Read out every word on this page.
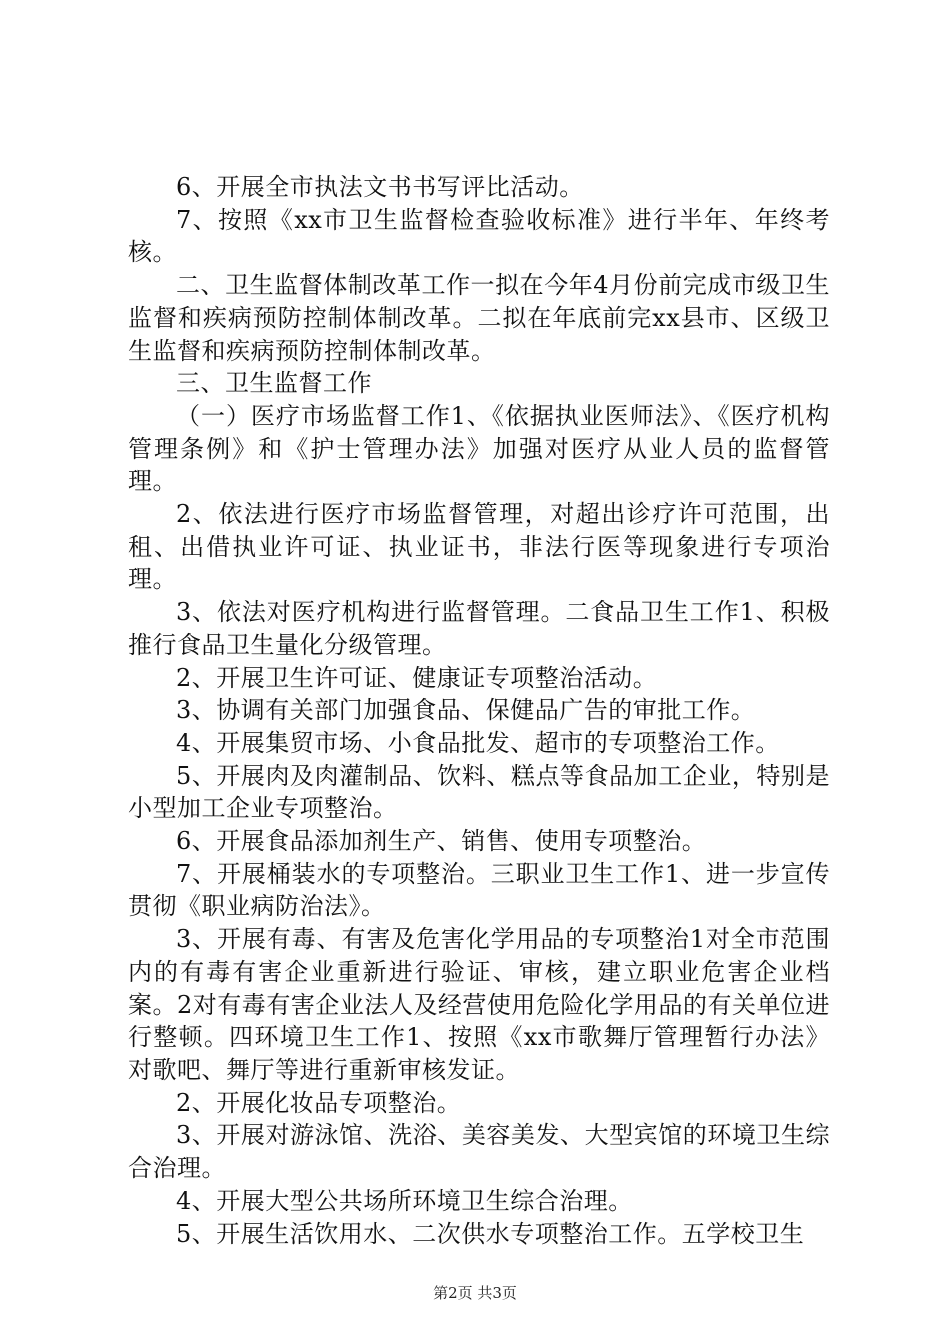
6、开展全市执法文书书写评比活动。

7、按照《xx市卫生监督检查验收标准》进行半年、年终考核。

二、卫生监督体制改革工作一拟在今年4月份前完成市级卫生监督和疾病预防控制体制改革。二拟在年底前完xx县市、区级卫生监督和疾病预防控制体制改革。

三、卫生监督工作

（一）医疗市场监督工作1、《依据执业医师法》、《医疗机构管理条例》和《护士管理办法》加强对医疗从业人员的监督管理。

2、依法进行医疗市场监督管理，对超出诊疗许可范围，出租、出借执业许可证、执业证书，非法行医等现象进行专项治理。

3、依法对医疗机构进行监督管理。二食品卫生工作1、积极推行食品卫生量化分级管理。

2、开展卫生许可证、健康证专项整治活动。

3、协调有关部门加强食品、保健品广告的审批工作。

4、开展集贸市场、小食品批发、超市的专项整治工作。

5、开展肉及肉灌制品、饮料、糕点等食品加工企业，特别是小型加工企业专项整治。

6、开展食品添加剂生产、销售、使用专项整治。

7、开展桶装水的专项整治。三职业卫生工作1、进一步宣传贯彻《职业病防治法》。

3、开展有毒、有害及危害化学用品的专项整治1对全市范围内的有毒有害企业重新进行验证、审核，建立职业危害企业档案。2对有毒有害企业法人及经营使用危险化学用品的有关单位进行整顿。四环境卫生工作1、按照《xx市歌舞厅管理暂行办法》对歌吧、舞厅等进行重新审核发证。

2、开展化妆品专项整治。

3、开展对游泳馆、洗浴、美容美发、大型宾馆的环境卫生综合治理。

4、开展大型公共场所环境卫生综合治理。

5、开展生活饮用水、二次供水专项整治工作。五学校卫生

第2页 共3页
